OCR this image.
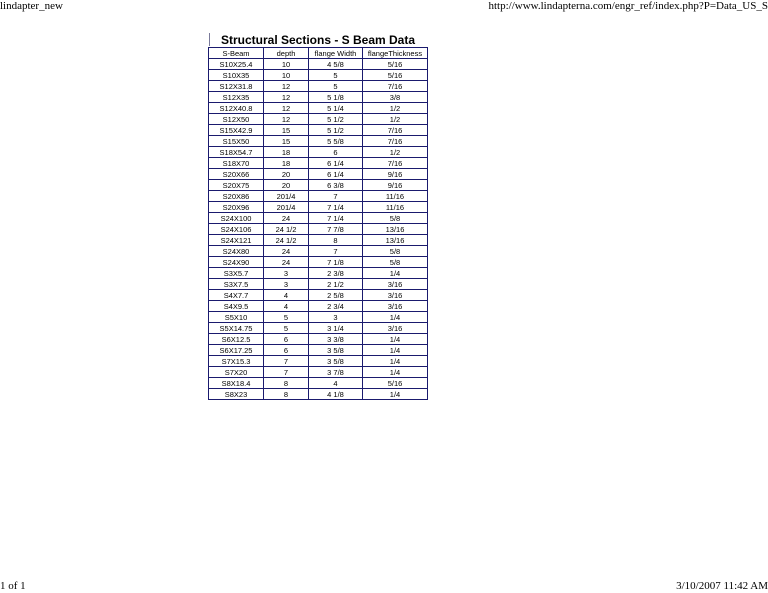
lindapter_new	http://www.lindapterna.com/engr_ref/index.php?P=Data_US_S
Structural Sections - S Beam Data
S-Beam	depth	flange Width	flangeThickness
S10X25.4	10	4 5/8	5/16
S10X35	10	5	5/16
S12X31.8	12	5	7/16
S12X35	12	5 1/8	3/8
S12X40.8	12	5 1/4	1/2
S12X50	12	5 1/2	1/2
S15X42.9	15	5 1/2	7/16
S15X50	15	5 5/8	7/16
S18X54.7	18	6	1/2
S18X70	18	6 1/4	7/16
S20X66	20	6 1/4	9/16
S20X75	20	6 3/8	9/16
S20X86	201/4	7	11/16
S20X96	201/4	7 1/4	11/16
S24X100	24	7 1/4	5/8
S24X106	24 1/2	7 7/8	13/16
S24X121	24 1/2	8	13/16
S24X80	24	7	5/8
S24X90	24	7 1/8	5/8
S3X5.7	3	2 3/8	1/4
S3X7.5	3	2 1/2	3/16
S4X7.7	4	2 5/8	3/16
S4X9.5	4	2 3/4	3/16
S5X10	5	3	1/4
S5X14.75	5	3 1/4	3/16
S6X12.5	6	3 3/8	1/4
S6X17.25	6	3 5/8	1/4
S7X15.3	7	3 5/8	1/4
S7X20	7	3 7/8	1/4
S8X18.4	8	4	5/16
S8X23	8	4 1/8	1/4
1 of 1	3/10/2007 11:42 AM
